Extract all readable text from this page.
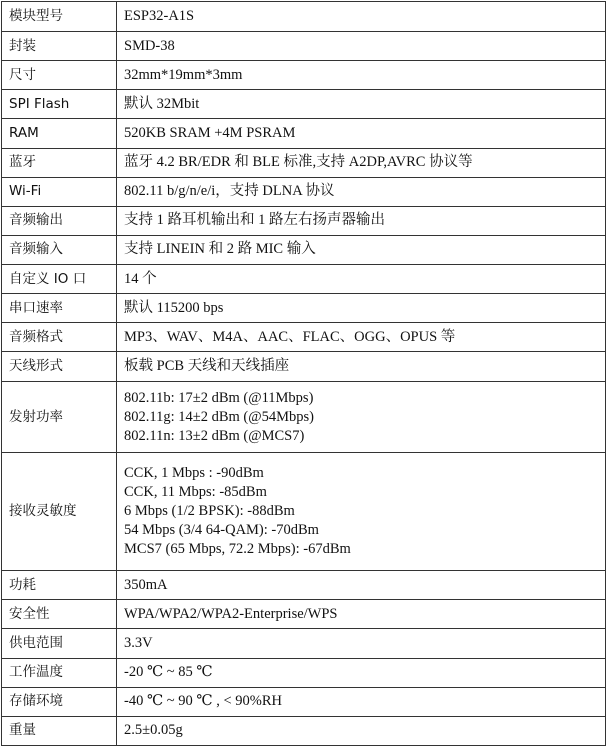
模块型号	ESP32-A1S

封装	SMD-38

尺寸	32mm*19mm*3mm

SPI Flash	默认 32Mbit

RAM	520KB SRAM +4M PSRAM

蓝牙	蓝牙 4.2 BR/EDR 和 BLE 标准,支持 A2DP,AVRC 协议等

Wi-Fi	802.11 b/g/n/e/i，支持 DLNA 协议

音频输出	支持 1 路耳机输出和 1 路左右扬声器输出

音频输入	支持 LINEIN 和 2 路 MIC 输入

自定义 IO 口	14 个

串口速率	默认 115200 bps

音频格式	MP3、WAV、M4A、AAC、FLAC、OGG、OPUS 等

天线形式	板载 PCB 天线和天线插座

发射功率	802.11b: 17±2 dBm (@11Mbps)
802.11g: 14±2 dBm (@54Mbps)
802.11n: 13±2 dBm (@MCS7)

接收灵敏度	CCK, 1 Mbps : -90dBm
CCK, 11 Mbps: -85dBm
6 Mbps (1/2 BPSK): -88dBm
54 Mbps (3/4 64-QAM): -70dBm
MCS7 (65 Mbps, 72.2 Mbps): -67dBm

功耗	350mA

安全性	WPA/WPA2/WPA2-Enterprise/WPS

供电范围	3.3V

工作温度	-20 ℃ ~ 85 ℃

存储环境	-40 ℃ ~ 90 ℃ , < 90%RH

重量	2.5±0.05g
